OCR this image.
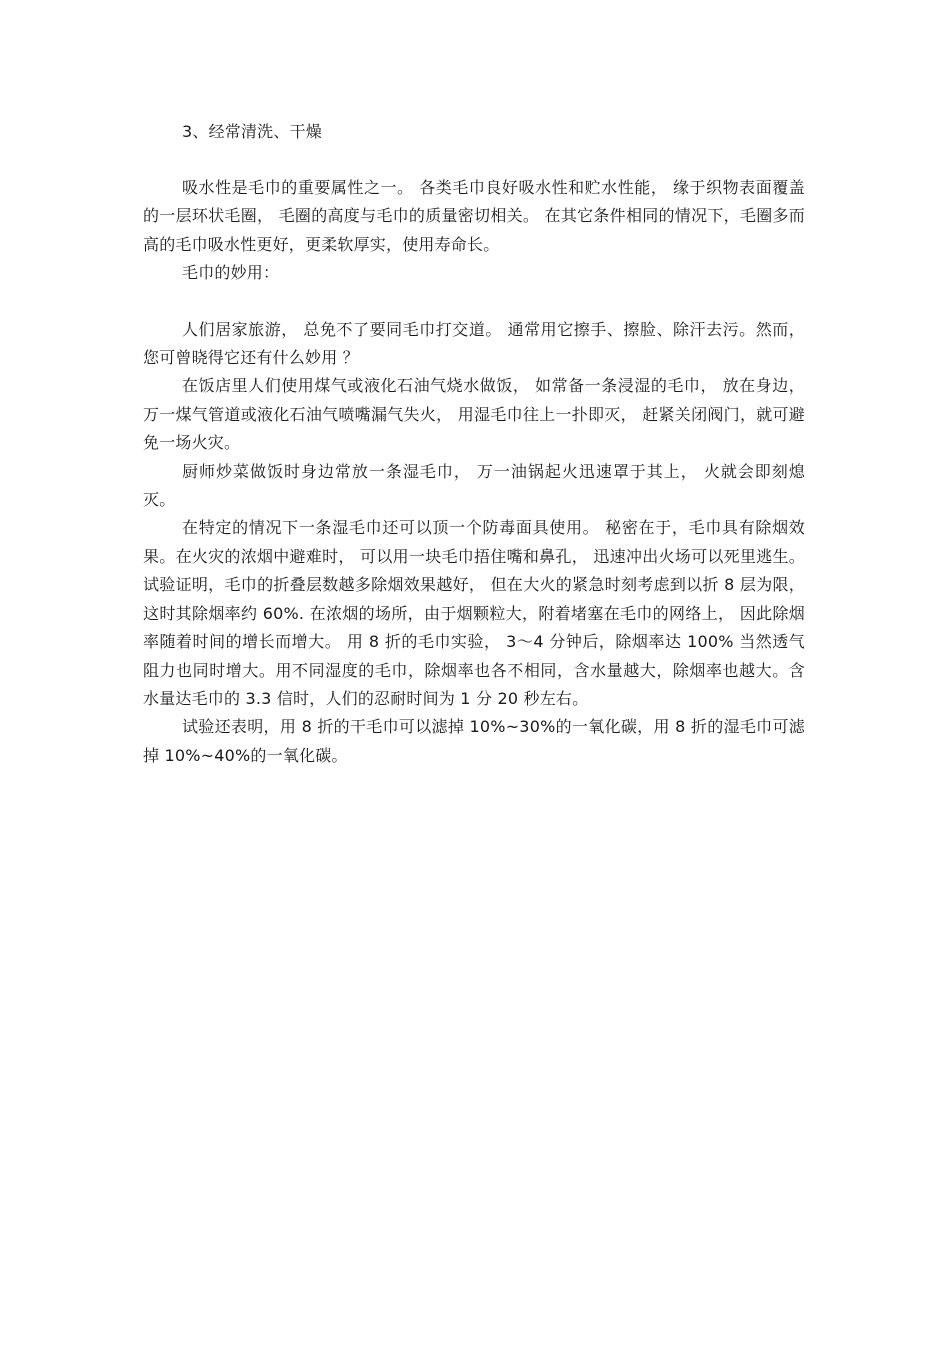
3、经常清洗、干燥

吸水性是毛巾的重要属性之一。 各类毛巾良好吸水性和贮水性能， 缘于织物表面覆盖的一层环状毛圈， 毛圈的高度与毛巾的质量密切相关。 在其它条件相同的情况下，毛圈多而高的毛巾吸水性更好，更柔软厚实，使用寿命长。

毛巾的妙用：

人们居家旅游， 总免不了要同毛巾打交道。 通常用它擦手、擦脸、除汗去污。然而，您可曾晓得它还有什么妙用 ？

在饭店里人们使用煤气或液化石油气烧水做饭， 如常备一条浸湿的毛巾， 放在身边，万一煤气管道或液化石油气喷嘴漏气失火， 用湿毛巾往上一扑即灭， 赶紧关闭阀门，就可避免一场火灾。

厨师炒菜做饭时身边常放一条湿毛巾， 万一油锅起火迅速罩于其上， 火就会即刻熄灭。

在特定的情况下一条湿毛巾还可以顶一个防毒面具使用。 秘密在于，毛巾具有除烟效果。在火灾的浓烟中避难时， 可以用一块毛巾捂住嘴和鼻孔， 迅速冲出火场可以死里逃生。 试验证明，毛巾的折叠层数越多除烟效果越好， 但在大火的紧急时刻考虑到以折 8 层为限，这时其除烟率约 60%. 在浓烟的场所，由于烟颗粒大，附着堵塞在毛巾的网络上， 因此除烟率随着时间的增长而增大。 用 8 折的毛巾实验， 3～4 分钟后，除烟率达 100% 当然透气阻力也同时增大。用不同湿度的毛巾，除烟率也各不相同，含水量越大，除烟率也越大。含水量达毛巾的 3.3 信时，人们的忍耐时间为 1 分 20 秒左右。

试验还表明，用 8 折的干毛巾可以滤掉 10%~30%的一氧化碳，用 8 折的湿毛巾可滤掉 10%~40%的一氧化碳。
